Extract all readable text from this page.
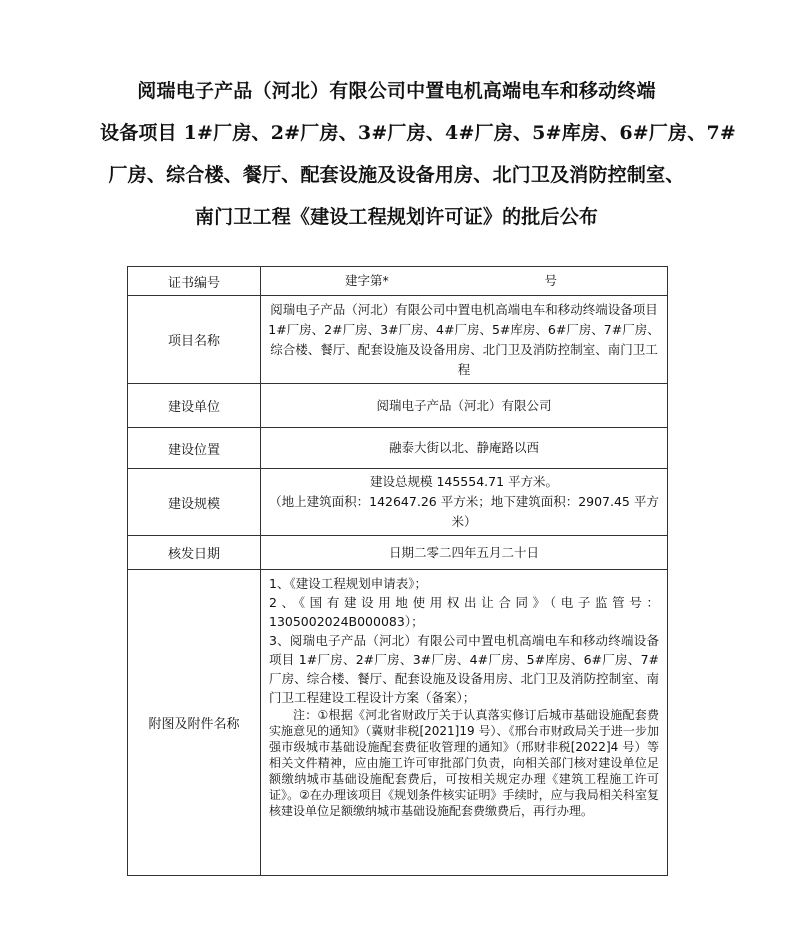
阅瑞电子产品（河北）有限公司中置电机高端电车和移动终端
设备项目 1#厂房、2#厂房、3#厂房、4#厂房、5#库房、6#厂房、7#
厂房、综合楼、餐厅、配套设施及设备用房、北门卫及消防控制室、
南门卫工程《建设工程规划许可证》的批后公布
证书编号	建字第* 号

项目名称	阅瑞电子产品（河北）有限公司中置电机高端电车和移动终端设备项目 1#厂房、2#厂房、3#厂房、4#厂房、5#库房、6#厂房、7#厂房、综合楼、餐厅、配套设施及设备用房、北门卫及消防控制室、南门卫工程
建设单位	阅瑞电子产品（河北）有限公司
建设位置	融泰大街以北、静庵路以西
建设规模	建设总规模 145554.71 平方米。
（地上建筑面积：142647.26 平方米；地下建筑面积：2907.45 平方米）

核发日期	日期二零二四年五月二十日
附图及附件名称	1、《建设工程规划申请表》；

2、《国有建设用地使用权出让合同》（电子监管号：1305002024B000083）；

3、阅瑞电子产品（河北）有限公司中置电机高端电车和移动终端设备项目 1#厂房、2#厂房、3#厂房、4#厂房、5#库房、6#厂房、7#厂房、综合楼、餐厅、配套设施及设备用房、北门卫及消防控制室、南门卫工程建设工程设计方案（备案）；

注：①根据《河北省财政厅关于认真落实修订后城市基础设施配套费实施意见的通知》（冀财非税[2021]19 号）、《邢台市财政局关于进一步加强市级城市基础设施配套费征收管理的通知》（邢财非税[2022]4 号）等相关文件精神，应由施工许可审批部门负责，向相关部门核对建设单位足额缴纳城市基础设施配套费后，可按相关规定办理《建筑工程施工许可证》。②在办理该项目《规划条件核实证明》手续时，应与我局相关科室复核建设单位足额缴纳城市基础设施配套费缴费后，再行办理。
